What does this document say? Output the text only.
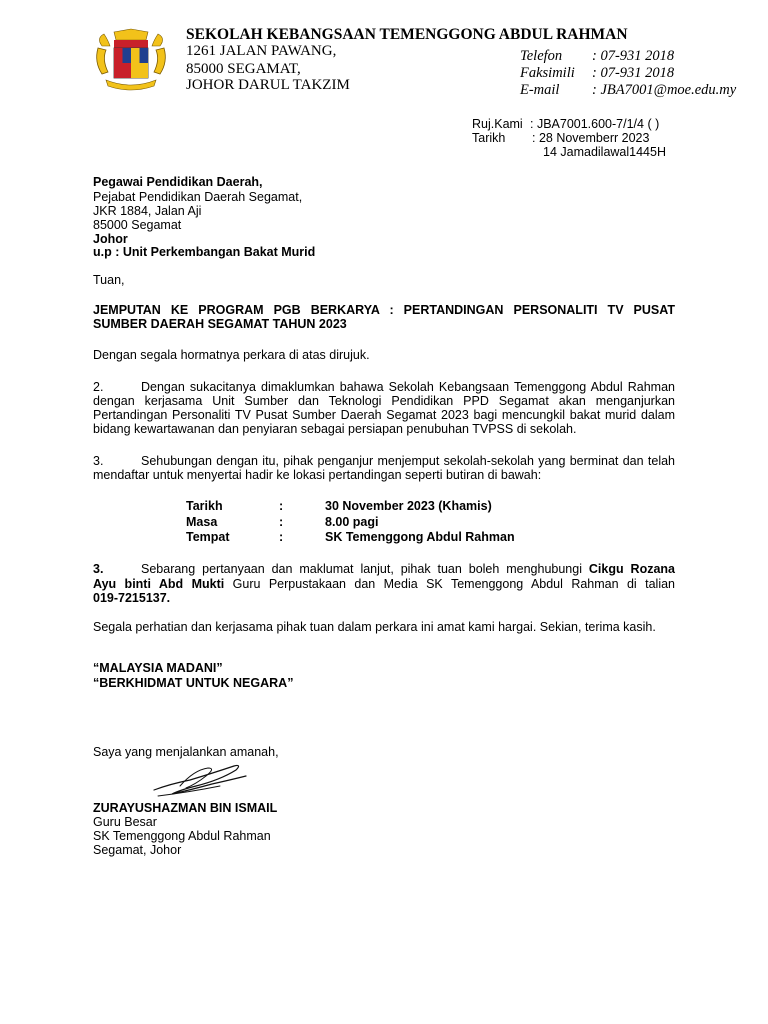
SEKOLAH KEBANGSAAN TEMENGGONG ABDUL RAHMAN
1261 JALAN PAWANG,
85000 SEGAMAT,
JOHOR DARUL TAKZIM
Telefon : 07-931 2018
Faksimili : 07-931 2018
E-mail : JBA7001@moe.edu.my
Ruj.Kami : JBA7001.600-7/1/4 ( )
Tarikh : 28 Novemberr 2023
14 Jamadilawal1445H
Pegawai Pendidikan Daerah,
Pejabat Pendidikan Daerah Segamat,
JKR 1884, Jalan Aji
85000 Segamat
Johor
u.p : Unit Perkembangan Bakat Murid
Tuan,
JEMPUTAN KE PROGRAM PGB BERKARYA : PERTANDINGAN PERSONALITI TV PUSAT
SUMBER DAERAH SEGAMAT TAHUN 2023
Dengan segala hormatnya perkara di atas dirujuk.
2.	Dengan sukacitanya dimaklumkan bahawa Sekolah Kebangsaan Temenggong Abdul Rahman
dengan kerjasama Unit Sumber dan Teknologi Pendidikan PPD Segamat akan menganjurkan
Pertandingan Personaliti TV Pusat Sumber Daerah Segamat 2023 bagi mencungkil bakat murid dalam
bidang kewartawanan dan penyiaran sebagai persiapan penubuhan TVPSS di sekolah.
3.	Sehubungan dengan itu, pihak penganjur menjemput sekolah-sekolah yang berminat dan telah
mendaftar untuk menyertai hadir ke lokasi pertandingan seperti butiran di bawah:
Tarikh	:	30 November 2023 (Khamis)
Masa	:	8.00 pagi
Tempat	:	SK Temenggong Abdul Rahman
3.	Sebarang pertanyaan dan maklumat lanjut, pihak tuan boleh menghubungi Cikgu Rozana
Ayu binti Abd Mukti Guru Perpustakaan dan Media SK Temenggong Abdul Rahman di talian
019-7215137.
Segala perhatian dan kerjasama pihak tuan dalam perkara ini amat kami hargai. Sekian, terima kasih.
“MALAYSIA MADANI”
“BERKHIDMAT UNTUK NEGARA”
Saya yang menjalankan amanah,
ZURAYUSHAZMAN BIN ISMAIL
Guru Besar
SK Temenggong Abdul Rahman
Segamat, Johor
